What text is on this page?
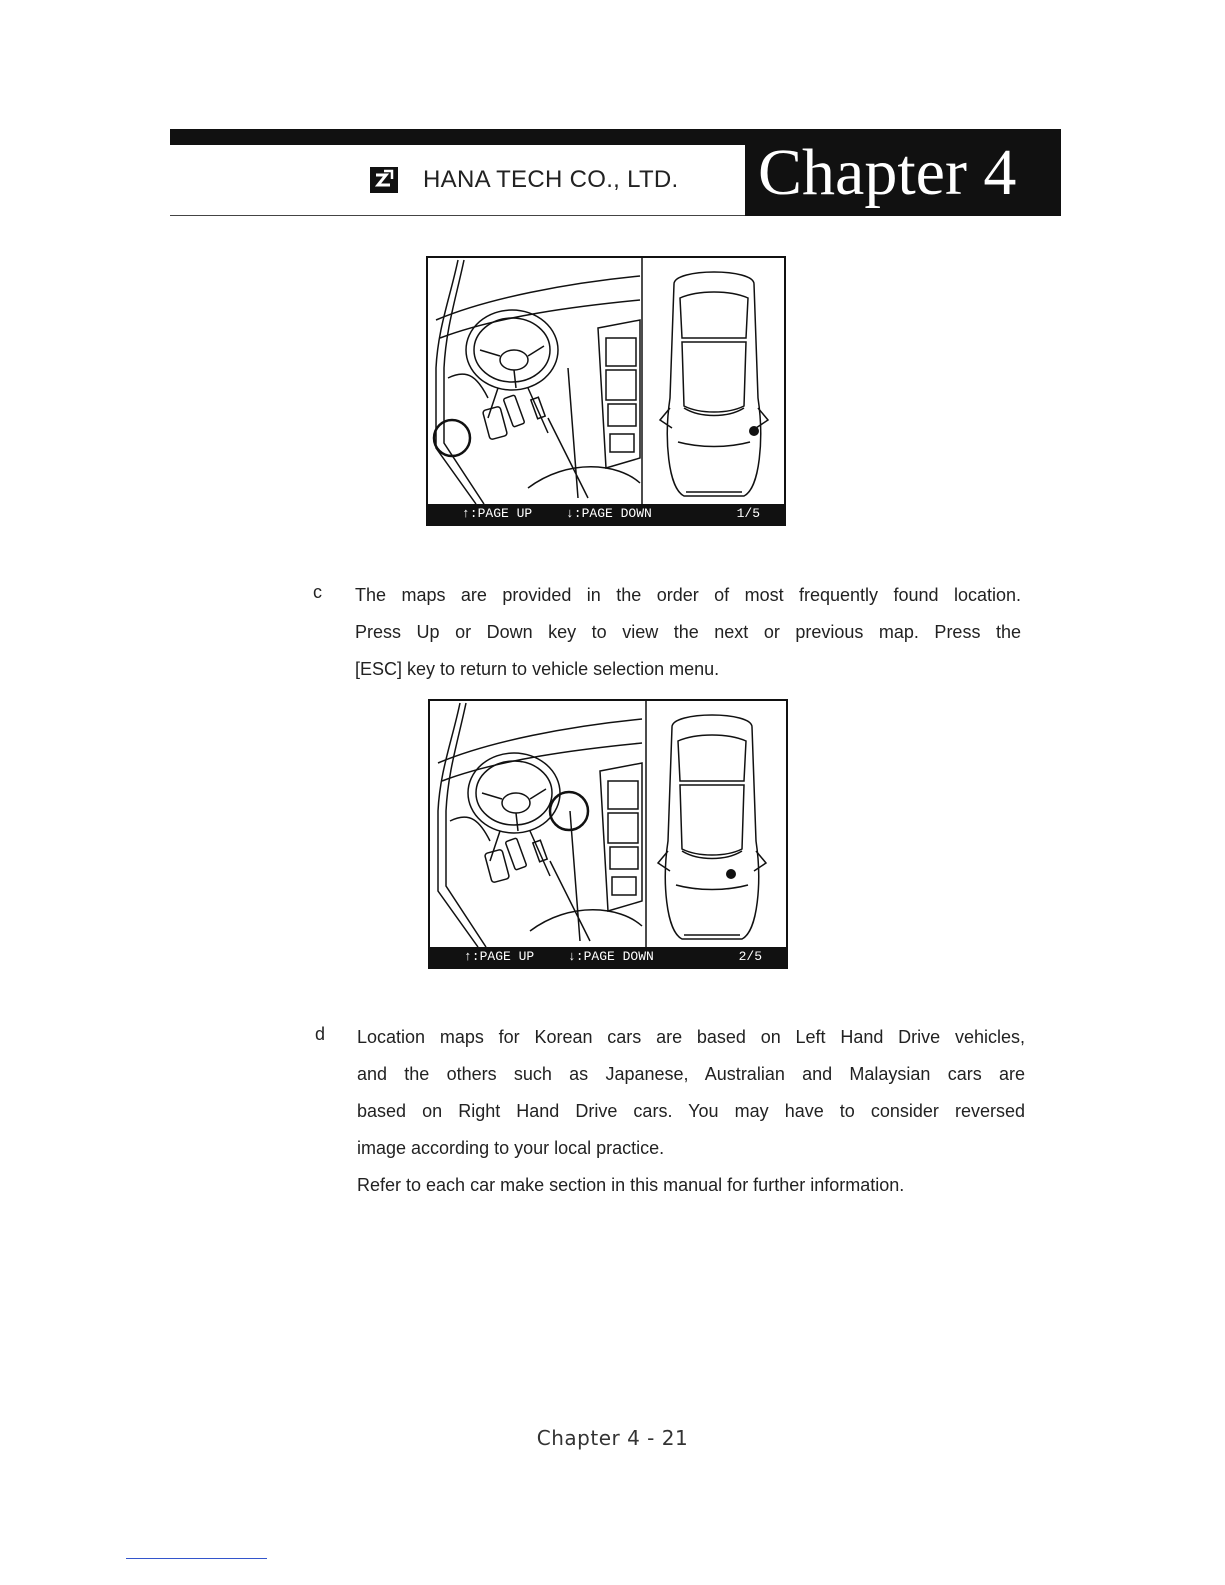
HANA TECH CO., LTD. Chapter 4
↑:PAGE UP	↓:PAGE DOWN	1/5
c The maps are provided in the order of most frequently found location.
Press Up or Down key to view the next or previous map. Press the
[ESC] key to return to vehicle selection menu.
↑:PAGE UP	↓:PAGE DOWN	2/5
d Location maps for Korean cars are based on Left Hand Drive vehicles,
and the others such as Japanese, Australian and Malaysian cars are
based on Right Hand Drive cars. You may have to consider reversed
image according to your local practice.
Refer to each car make section in this manual for further information.
Chapter 4 - 21
